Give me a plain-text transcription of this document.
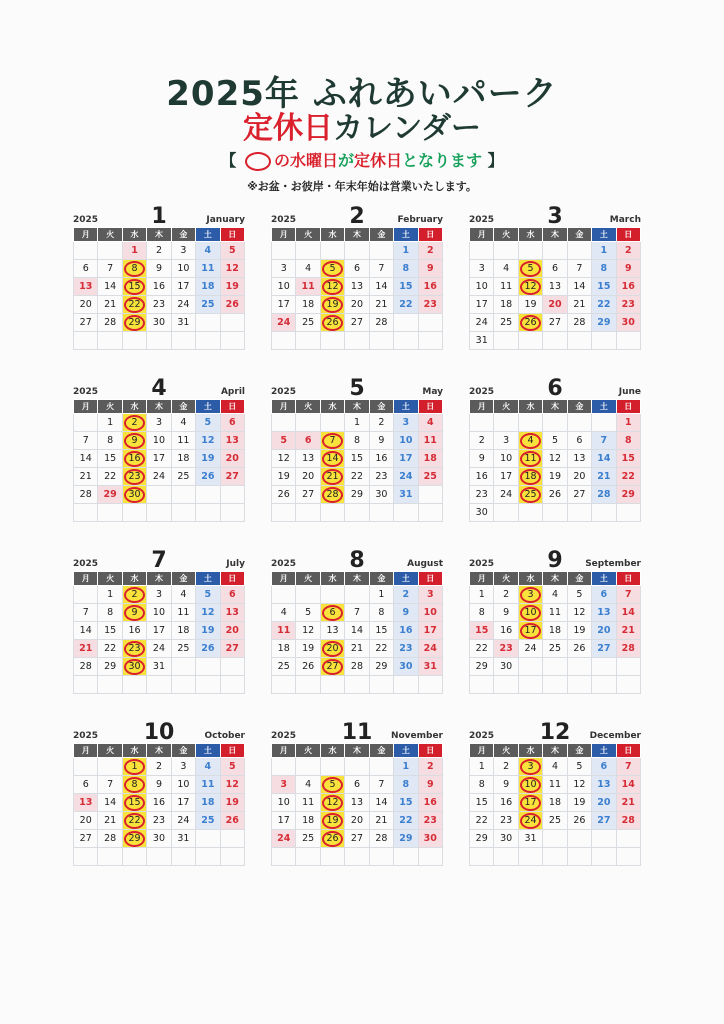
2025年 ふれあいパーク
定休日カレンダー
【 の水曜日が定休日となります 】
※お盆・お彼岸・年末年始は営業いたします。
2025	1	January
月	火	水	木	金	土	日
		1	2	3	4	5
6	7	8	9	10	11	12
13	14	15	16	17	18	19
20	21	22	23	24	25	26
27	28	29	30	31		

2025	2	February
月	火	水	木	金	土	日
					1	2
3	4	5	6	7	8	9
10	11	12	13	14	15	16
17	18	19	20	21	22	23
24	25	26	27	28		

2025	3	March
月	火	水	木	金	土	日
					1	2
3	4	5	6	7	8	9
10	11	12	13	14	15	16
17	18	19	20	21	22	23
24	25	26	27	28	29	30
31						
2025	4	April
月	火	水	木	金	土	日
	1	2	3	4	5	6
7	8	9	10	11	12	13
14	15	16	17	18	19	20
21	22	23	24	25	26	27
28	29	30				

2025	5	May
月	火	水	木	金	土	日
			1	2	3	4
5	6	7	8	9	10	11
12	13	14	15	16	17	18
19	20	21	22	23	24	25
26	27	28	29	30	31	

2025	6	June
月	火	水	木	金	土	日
						1
2	3	4	5	6	7	8
9	10	11	12	13	14	15
16	17	18	19	20	21	22
23	24	25	26	27	28	29
30						
2025	7	July
月	火	水	木	金	土	日
	1	2	3	4	5	6
7	8	9	10	11	12	13
14	15	16	17	18	19	20
21	22	23	24	25	26	27
28	29	30	31			

2025	8	August
月	火	水	木	金	土	日
				1	2	3
4	5	6	7	8	9	10
11	12	13	14	15	16	17
18	19	20	21	22	23	24
25	26	27	28	29	30	31

2025	9	September
月	火	水	木	金	土	日
1	2	3	4	5	6	7
8	9	10	11	12	13	14
15	16	17	18	19	20	21
22	23	24	25	26	27	28
29	30					

2025	10	October
月	火	水	木	金	土	日
		1	2	3	4	5
6	7	8	9	10	11	12
13	14	15	16	17	18	19
20	21	22	23	24	25	26
27	28	29	30	31		

2025	11	November
月	火	水	木	金	土	日
					1	2
3	4	5	6	7	8	9
10	11	12	13	14	15	16
17	18	19	20	21	22	23
24	25	26	27	28	29	30

2025	12	December
月	火	水	木	金	土	日
1	2	3	4	5	6	7
8	9	10	11	12	13	14
15	16	17	18	19	20	21
22	23	24	25	26	27	28
29	30	31				
